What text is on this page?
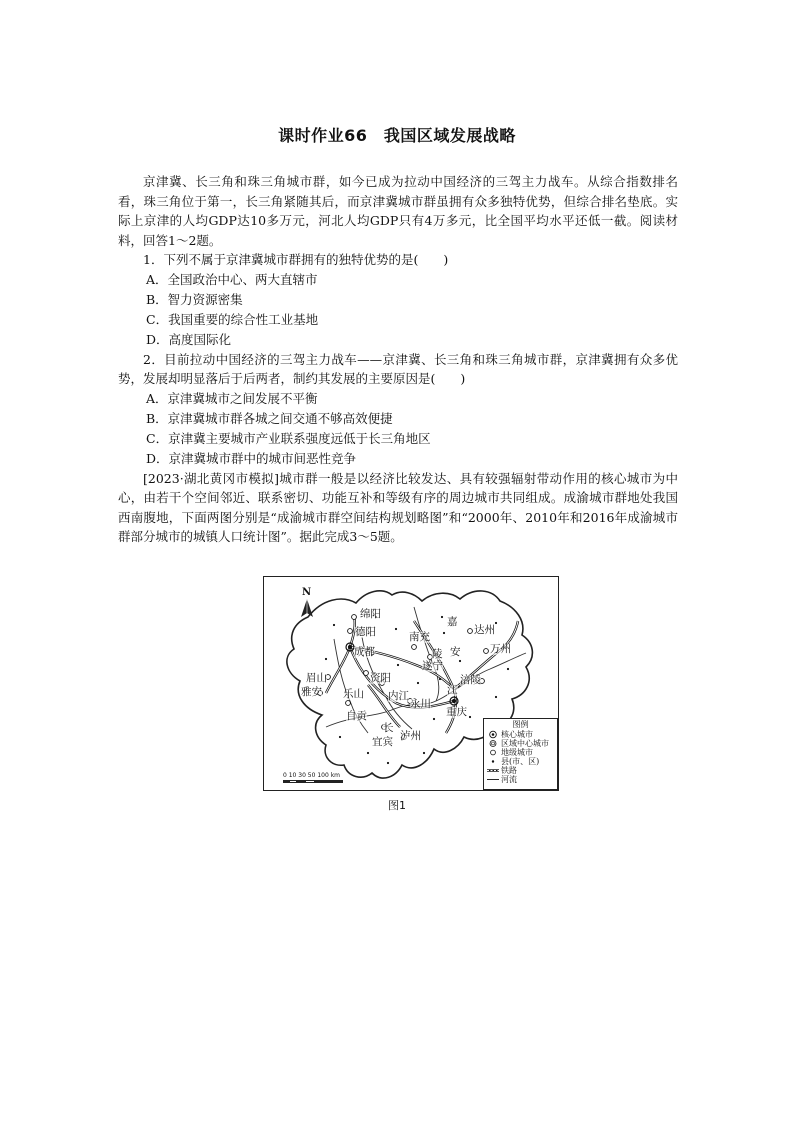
课时作业66　我国区域发展战略

京津冀、长三角和珠三角城市群，如今已成为拉动中国经济的三驾主力战车。从综合指数排名看，珠三角位于第一，长三角紧随其后，而京津冀城市群虽拥有众多独特优势，但综合排名垫底。实际上京津的人均GDP达10多万元，河北人均GDP只有4万多元，比全国平均水平还低一截。阅读材料，回答1～2题。

1．下列不属于京津冀城市群拥有的独特优势的是(　　)

A．全国政治中心、两大直辖市

B．智力资源密集

C．我国重要的综合性工业基地

D．高度国际化

2．目前拉动中国经济的三驾主力战车——京津冀、长三角和珠三角城市群，京津冀拥有众多优势，发展却明显落后于后两者，制约其发展的主要原因是(　　)

A．京津冀城市之间发展不平衡

B．京津冀城市群各城之间交通不够高效便捷

C．京津冀主要城市产业联系强度远低于长三角地区

D．京津冀城市群中的城市间恶性竞争

[2023·湖北黄冈市模拟]城市群一般是以经济比较发达、具有较强辐射带动作用的核心城市为中心，由若干个空间邻近、联系密切、功能互补和等级有序的周边城市共同组成。成渝城市群地处我国西南腹地，下面两图分别是“成渝城市群空间结构规划略图”和“2000年、2010年和2016年成渝城市群部分城市的城镇人口统计图”。据此完成3～5题。

N
绵阳
德阳	南充
嘉
达州
成都	陵 安
遂宁
万州
眉山	资阳
雅安 乐山 内江	江
涪陵
自贡
永川
重庆
长
宜宾 泸州
0 10 30 50 100 km
图例
核心城市
区域中心城市
地级城市
县(市、区)
铁路
河流
图1
